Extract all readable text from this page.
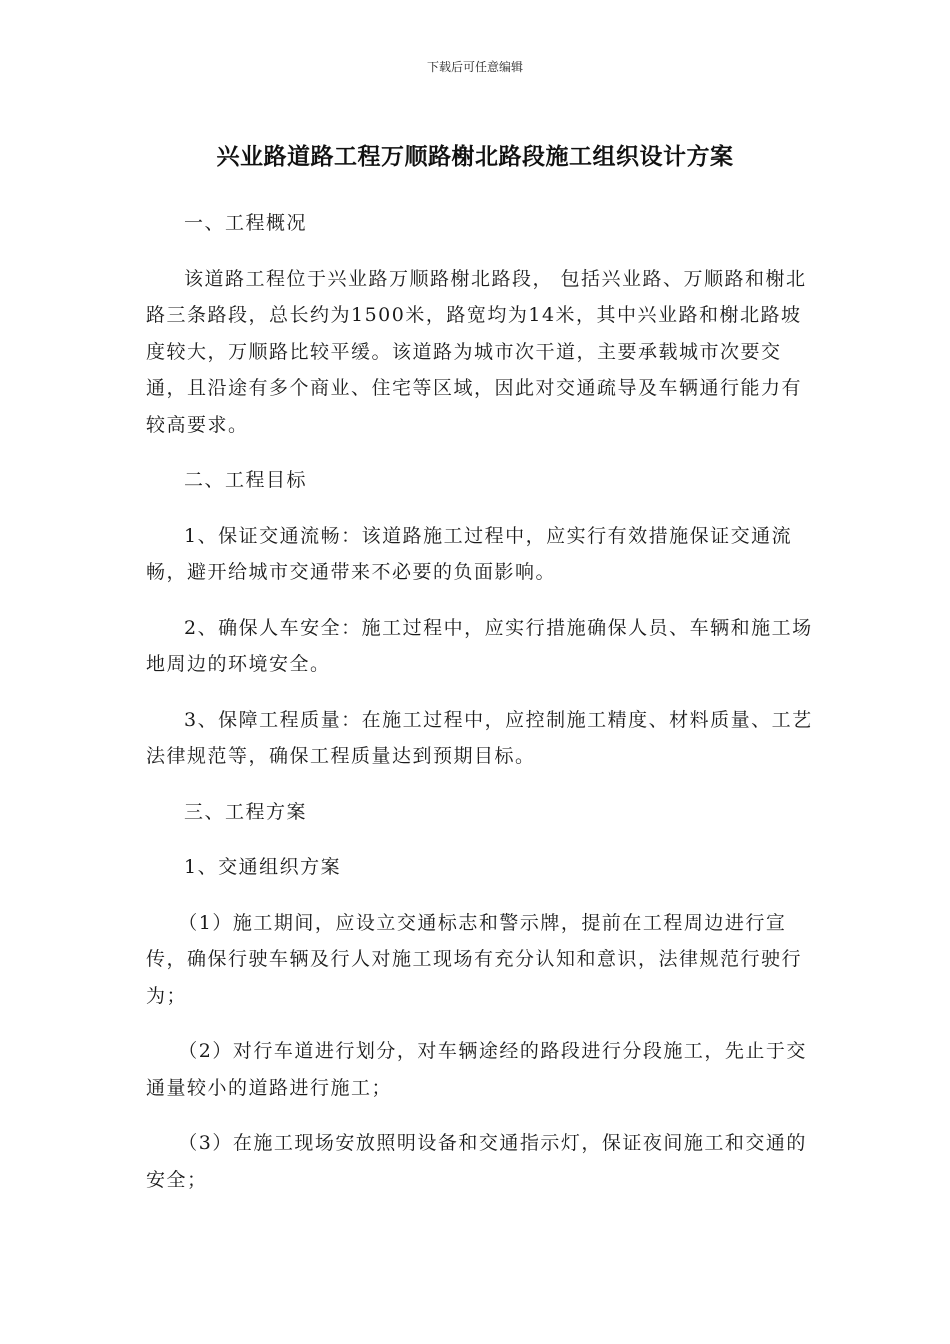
下载后可任意编辑
兴业路道路工程万顺路榭北路段施工组织设计方案

一、工程概况

该道路工程位于兴业路万顺路榭北路段， 包括兴业路、万顺路和榭北路三条路段，总长约为1500米，路宽均为14米，其中兴业路和榭北路坡度较大，万顺路比较平缓。该道路为城市次干道，主要承载城市次要交通，且沿途有多个商业、住宅等区域，因此对交通疏导及车辆通行能力有较高要求。

二、工程目标

1、保证交通流畅：该道路施工过程中，应实行有效措施保证交通流畅，避开给城市交通带来不必要的负面影响。

2、确保人车安全：施工过程中，应实行措施确保人员、车辆和施工场地周边的环境安全。

3、保障工程质量：在施工过程中，应控制施工精度、材料质量、工艺法律规范等，确保工程质量达到预期目标。

三、工程方案

1、交通组织方案

（1）施工期间，应设立交通标志和警示牌，提前在工程周边进行宣传，确保行驶车辆及行人对施工现场有充分认知和意识，法律规范行驶行为；

（2）对行车道进行划分，对车辆途经的路段进行分段施工，先止于交通量较小的道路进行施工；

（3）在施工现场安放照明设备和交通指示灯，保证夜间施工和交通的安全；
